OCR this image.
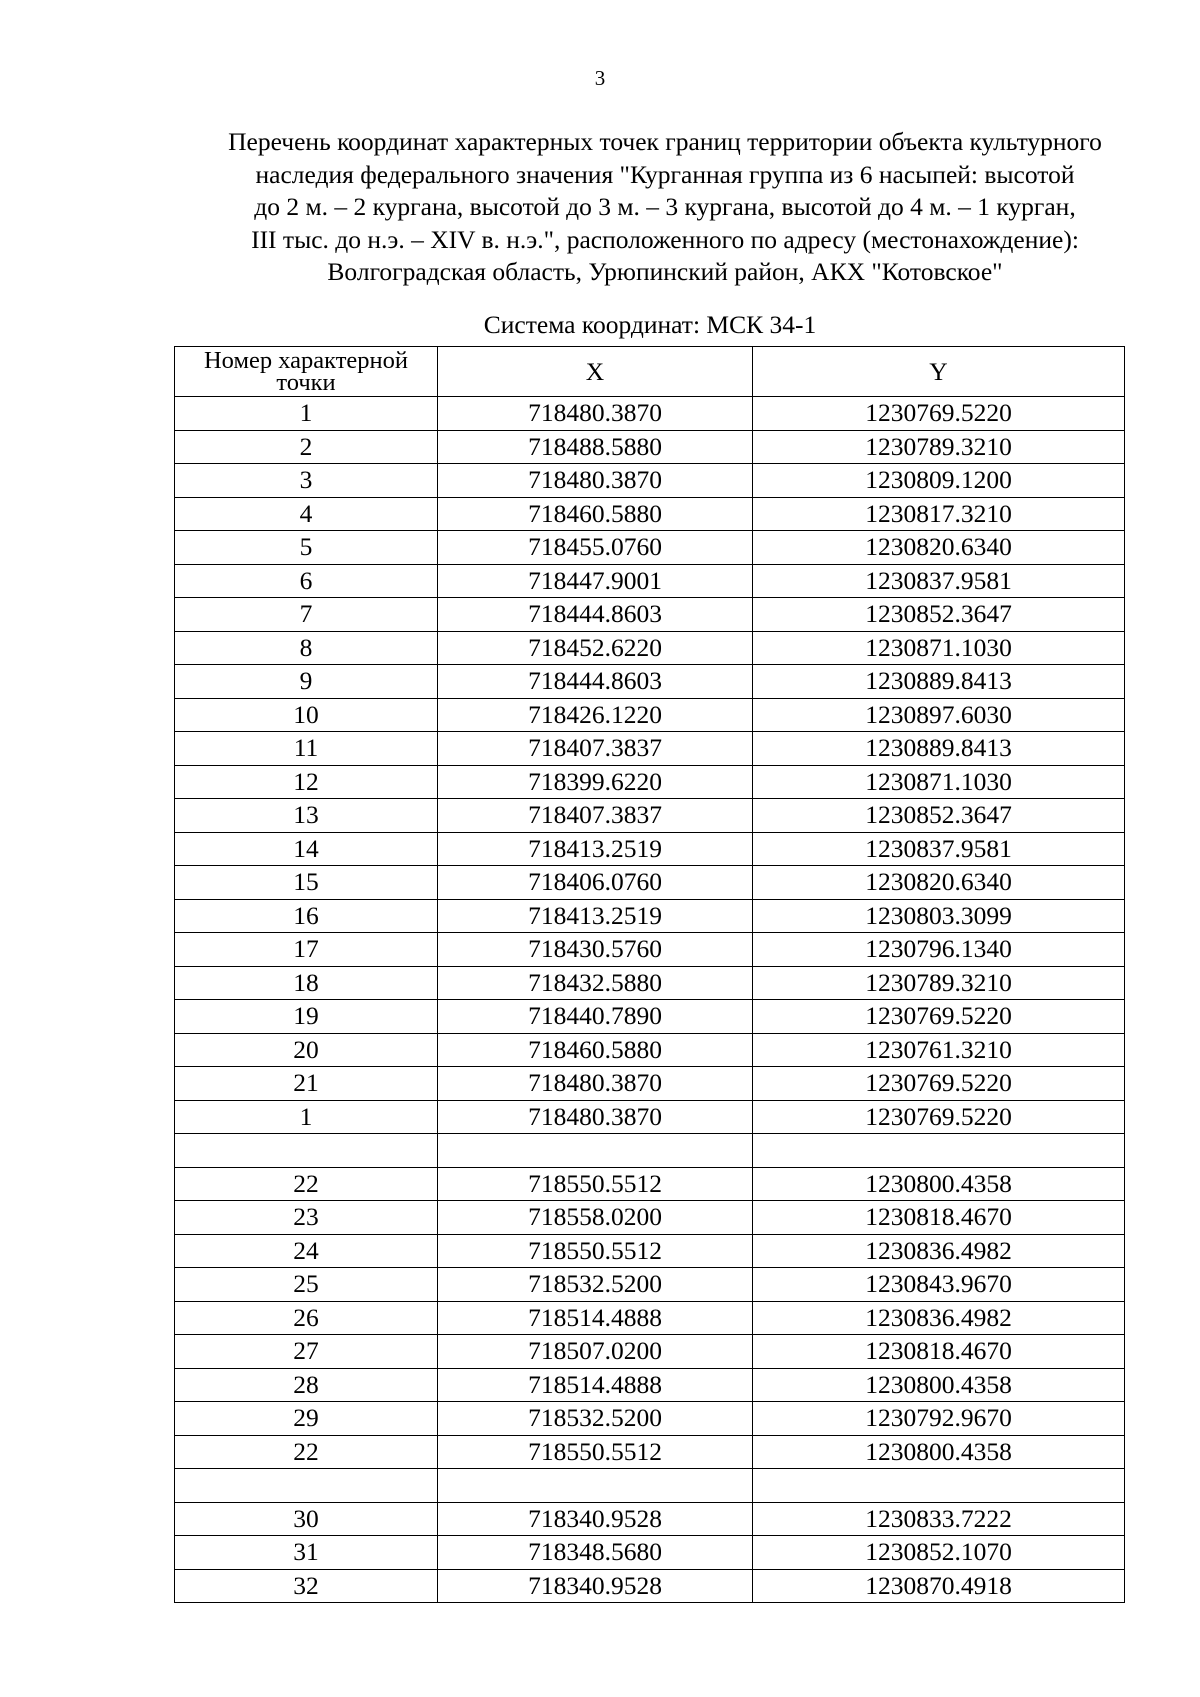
3
Перечень координат характерных точек границ территории объекта культурного
наследия федерального значения "Курганная группа из 6 насыпей: высотой
до 2 м. – 2 кургана, высотой до 3 м. – 3 кургана, высотой до 4 м. – 1 курган,
III тыс. до н.э. – XIV в. н.э.", расположенного по адресу (местонахождение):
Волгоградская область, Урюпинский район, АКХ "Котовское"
Система координат: МСК 34-1
Номер характерной точки	X	Y
1	718480.3870	1230769.5220
2	718488.5880	1230789.3210
3	718480.3870	1230809.1200
4	718460.5880	1230817.3210
5	718455.0760	1230820.6340
6	718447.9001	1230837.9581
7	718444.8603	1230852.3647
8	718452.6220	1230871.1030
9	718444.8603	1230889.8413
10	718426.1220	1230897.6030
11	718407.3837	1230889.8413
12	718399.6220	1230871.1030
13	718407.3837	1230852.3647
14	718413.2519	1230837.9581
15	718406.0760	1230820.6340
16	718413.2519	1230803.3099
17	718430.5760	1230796.1340
18	718432.5880	1230789.3210
19	718440.7890	1230769.5220
20	718460.5880	1230761.3210
21	718480.3870	1230769.5220
1	718480.3870	1230769.5220

22	718550.5512	1230800.4358
23	718558.0200	1230818.4670
24	718550.5512	1230836.4982
25	718532.5200	1230843.9670
26	718514.4888	1230836.4982
27	718507.0200	1230818.4670
28	718514.4888	1230800.4358
29	718532.5200	1230792.9670
22	718550.5512	1230800.4358

30	718340.9528	1230833.7222
31	718348.5680	1230852.1070
32	718340.9528	1230870.4918
